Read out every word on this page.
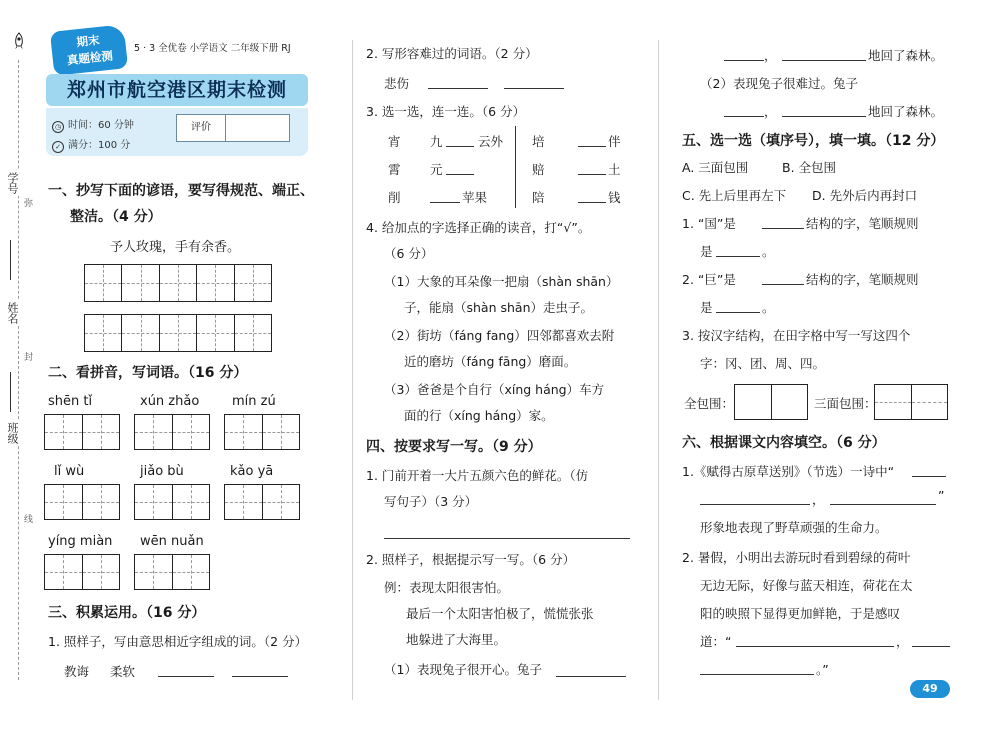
学号
姓名
班级
弥
封
线
期末
真题检测
5 · 3 全优卷 小学语文 二年级下册 RJ
郑州市航空港区期末检测
◷ 时间：60 分钟
✓ 满分：100 分
评价
一、抄写下面的谚语，要写得规范、端正、
整洁。（4 分）
予人玫瑰，手有余香。
二、看拼音，写词语。（16 分）
shēn tǐ	xún zhǎo	mín zú
lǐ wù	jiǎo bù	kǎo yā
yíng miàn wēn nuǎn
三、积累运用。（16 分）
1. 照样子，写由意思相近字组成的词。（2 分）
教诲 柔软
2. 写形容难过的词语。（2 分）
悲伤
3. 选一选，连一连。（6 分）
宵 九	云外
霄 元
削	苹果
培	伴
赔	土
陪	钱
4. 给加点的字选择正确的读音，打“√”。
（6 分）
（1）大象的耳朵像一把扇（shàn shān）
子，能扇（shàn shān）走虫子。
（2）街坊（fáng fang）四邻都喜欢去附
近的磨坊（fáng fāng）磨面。
（3）爸爸是个自行（xíng háng）车方
面的行（xíng háng）家。
四、按要求写一写。（9 分）
1. 门前开着一大片五颜六色的鲜花。（仿
写句子）（3 分）
2. 照样子，根据提示写一写。（6 分）
例：表现太阳很害怕。
最后一个太阳害怕极了，慌慌张张
地躲进了大海里。
（1）表现兔子很开心。兔子
，	地回了森林。
（2）表现兔子很难过。兔子
，	地回了森林。
五、选一选（填序号），填一填。（12 分）
A. 三面包围	B. 全包围
C. 先上后里再左下 D. 先外后内再封口
1. “国”是	结构的字，笔顺规则
是	。
2. “巨”是	结构的字，笔顺规则
是	。
3. 按汉字结构，在田字格中写一写这四个
字：冈、团、周、四。
全包围：	三面包围：
六、根据课文内容填空。（6 分）
1.《赋得古原草送别》（节选）一诗中“
，	”
形象地表现了野草顽强的生命力。
2. 暑假，小明出去游玩时看到碧绿的荷叶
无边无际，好像与蓝天相连，荷花在太
阳的映照下显得更加鲜艳，于是感叹
道：“	，
。”
49
